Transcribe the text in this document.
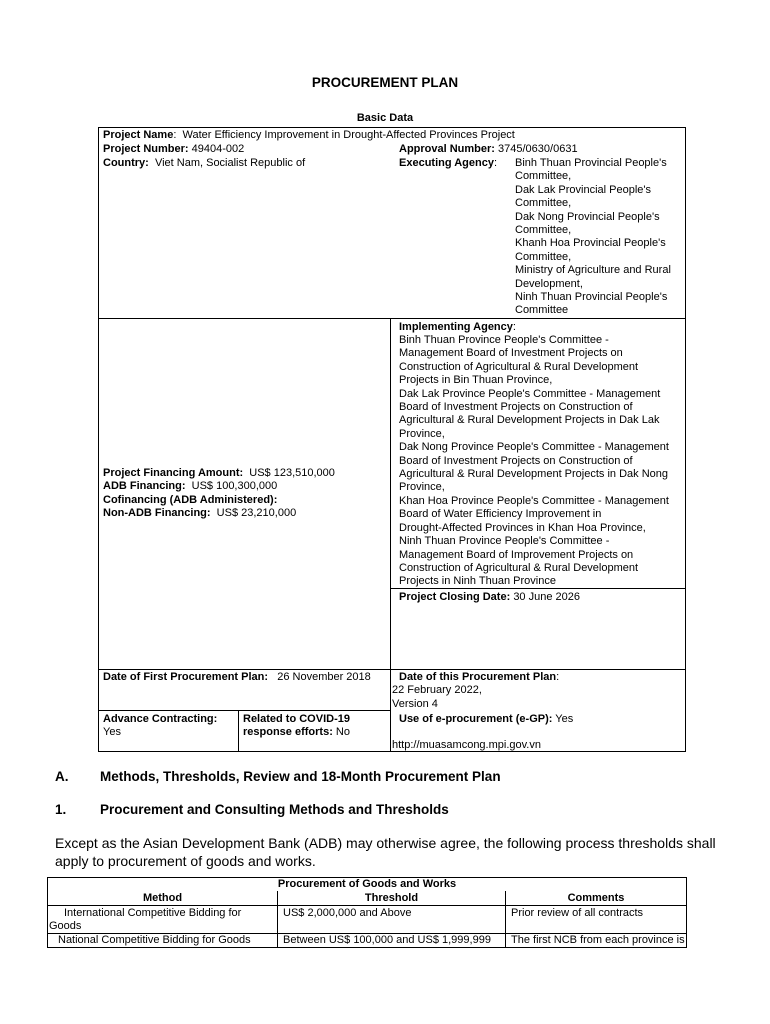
PROCUREMENT PLAN
Basic Data
Project Name:  Water Efficiency Improvement in Drought-Affected Provinces Project
Project Number: 49404-002	Approval Number: 3745/0630/0631
Country: Viet Nam, Socialist Republic of	Executing Agency: Binh Thuan Provincial People's
Committee,
Dak Lak Provincial People's
Committee,
Dak Nong Provincial People's
Committee,
Khanh Hoa Provincial People's
Committee,
Ministry of Agriculture and Rural
Development,
Ninh Thuan Provincial People's
Committee
Implementing Agency:
Binh Thuan Province People's Committee -
Management Board of Investment Projects on
Construction of Agricultural & Rural Development
Projects in Bin Thuan Province,
Dak Lak Province People's Committee - Management
Board of Investment Projects on Construction of
Agricultural & Rural Development Projects in Dak Lak
Province,
Dak Nong Province People's Committee - Management
Board of Investment Projects on Construction of
Agricultural & Rural Development Projects in Dak Nong
Province,
Khan Hoa Province People's Committee - Management
Board of Water Efficiency Improvement in
Drought-Affected Provinces in Khan Hoa Province,
Ninh Thuan Province People's Committee -
Management Board of Improvement Projects on
Construction of Agricultural & Rural Development
Projects in Ninh Thuan Province
Project Closing Date: 30 June 2026
Project Financing Amount: US$ 123,510,000
ADB Financing: US$ 100,300,000
Cofinancing (ADB Administered):
Non-ADB Financing: US$ 23,210,000
Date of First Procurement Plan: 26 November 2018	Date of this Procurement Plan:
22 February 2022,
Version 4
Advance Contracting:
Yes
Related to COVID-19
response efforts: No
Use of e-procurement (e-GP): Yes
http://muasamcong.mpi.gov.vn
A. Methods, Thresholds, Review and 18-Month Procurement Plan
1. Procurement and Consulting Methods and Thresholds
Except as the Asian Development Bank (ADB) may otherwise agree, the following process thresholds shall
apply to procurement of goods and works.
Procurement of Goods and Works
Method	Threshold	Comments
International Competitive Bidding for
Goods
US$ 2,000,000 and Above	Prior review of all contracts
National Competitive Bidding for Goods	Between US$ 100,000 and US$ 1,999,999 The first NCB from each province is
